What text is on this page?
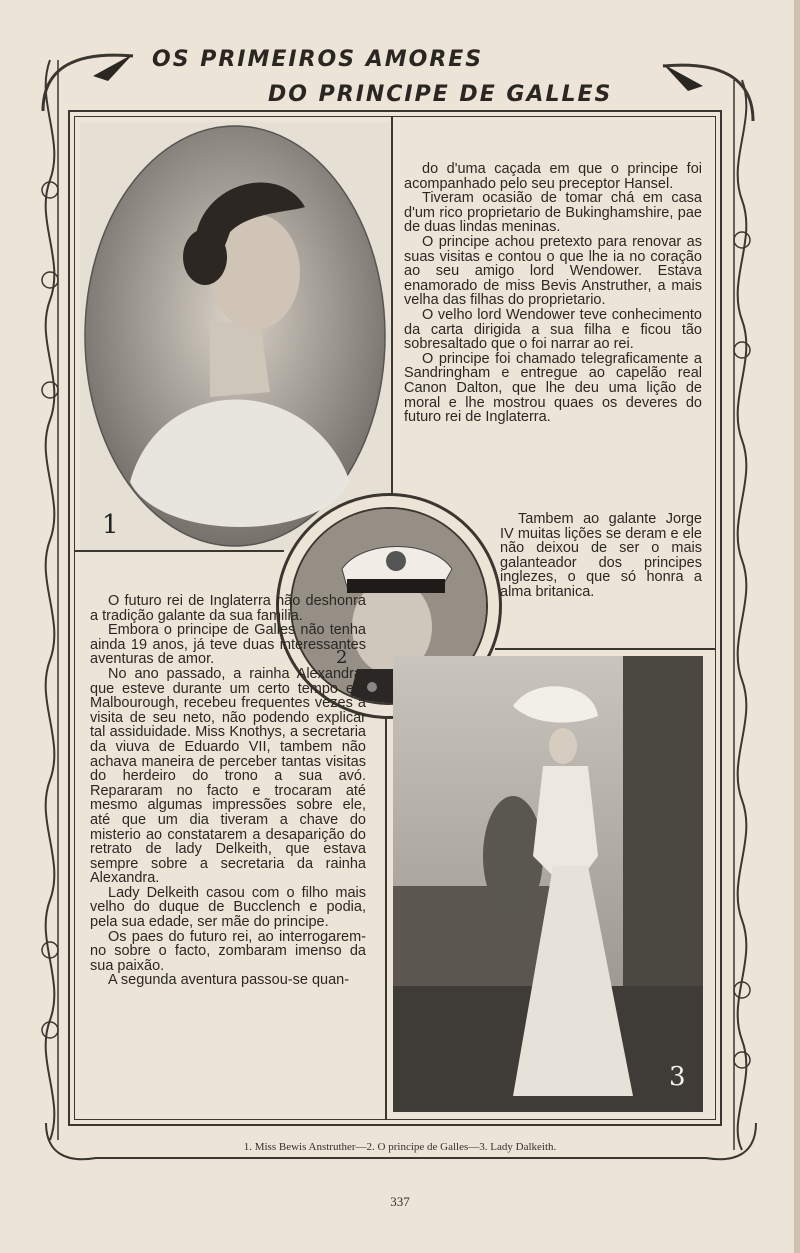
OS PRIMEIROS AMORES
DO PRINCIPE DE GALLES
1
2
3

do d'uma caçada em que o principe foi acompanhado pelo seu preceptor Hansel.

Tiveram ocasião de tomar chá em casa d'um rico proprietario de Bukinghamshire, pae de duas lindas meninas.

O principe achou pretexto para renovar as suas visitas e contou o que lhe ia no coração ao seu amigo lord Wendower. Estava enamorado de miss Bevis Anstruther, a mais velha das filhas do proprietario.

O velho lord Wendower teve conhecimento da carta dirigida a sua filha e ficou tão sobresaltado que o foi narrar ao rei.

O principe foi chamado telegraficamente a Sandringham e entregue ao capelão real Canon Dalton, que lhe deu uma lição de moral e lhe mostrou quaes os deveres do futuro rei de Inglaterra.

Tambem ao galante Jorge IV muitas lições se deram e ele não deixou de ser o mais galanteador dos principes inglezes, o que só honra a alma britanica.

O futuro rei de Inglaterra não deshonra a tradição galante da sua familia.

Embora o principe de Galles não tenha ainda 19 anos, já teve duas interessantes aventuras de amor.

No ano passado, a rainha Alexandra, que esteve durante um certo tempo em Malbourough, recebeu frequentes vezes a visita de seu neto, não podendo explicar tal assiduidade. Miss Knothys, a secretaria da viuva de Eduardo VII, tambem não achava maneira de perceber tantas visitas do herdeiro do trono a sua avó. Repararam no facto e trocaram até mesmo algumas impressões sobre ele, até que um dia tiveram a chave do misterio ao constatarem a desaparição do retrato de lady Delkeith, que estava sempre sobre a secretaria da rainha Alexandra.

Lady Delkeith casou com o filho mais velho do duque de Bucclench e podia, pela sua edade, ser mãe do principe.

Os paes do futuro rei, ao interrogarem-no sobre o facto, zombaram imenso da sua paixão.

A segunda aventura passou-se quan-

1. Miss Bewis Anstruther—2. O principe de Galles—3. Lady Dalkeith.
337
